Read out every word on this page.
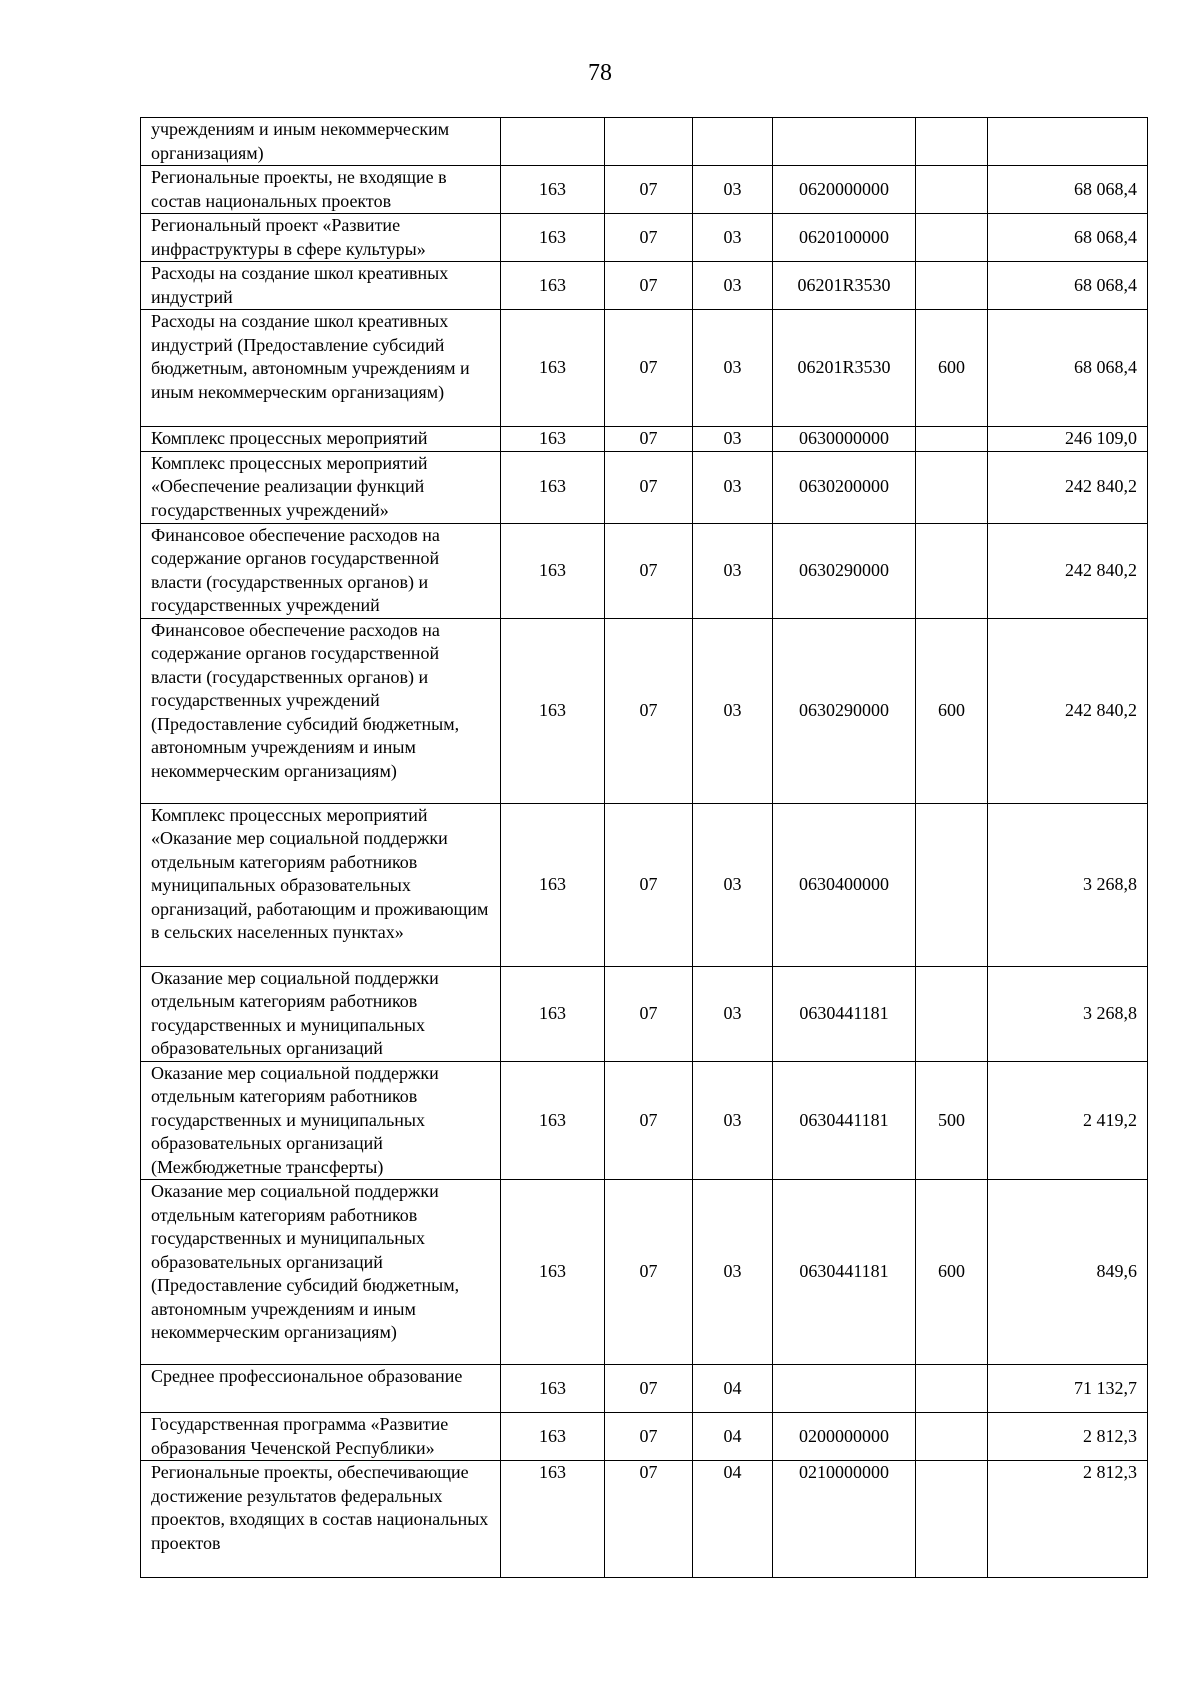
78
учреждениям и иным некоммерческим организациям)						
Региональные проекты, не входящие в состав национальных проектов	163	07	03	0620000000		68 068,4
Региональный проект «Развитие инфраструктуры в сфере культуры»	163	07	03	0620100000		68 068,4
Расходы на создание школ креативных индустрий	163	07	03	06201R3530		68 068,4
Расходы на создание школ креативных индустрий (Предоставление субсидий бюджетным, автономным учреждениям и иным некоммерческим организациям)	163	07	03	06201R3530	600	68 068,4
Комплекс процессных мероприятий	163	07	03	0630000000		246 109,0
Комплекс процессных мероприятий «Обеспечение реализации функций государственных учреждений»	163	07	03	0630200000		242 840,2
Финансовое обеспечение расходов на содержание органов государственной власти (государственных органов) и государственных учреждений	163	07	03	0630290000		242 840,2
Финансовое обеспечение расходов на содержание органов государственной власти (государственных органов) и государственных учреждений (Предоставление субсидий бюджетным, автономным учреждениям и иным некоммерческим организациям)	163	07	03	0630290000	600	242 840,2
Комплекс процессных мероприятий «Оказание мер социальной поддержки отдельным категориям работников муниципальных образовательных организаций, работающим и проживающим в сельских населенных пунктах»	163	07	03	0630400000		3 268,8
Оказание мер социальной поддержки отдельным категориям работников государственных и муниципальных образовательных организаций	163	07	03	0630441181		3 268,8
Оказание мер социальной поддержки отдельным категориям работников государственных и муниципальных образовательных организаций (Межбюджетные трансферты)	163	07	03	0630441181	500	2 419,2
Оказание мер социальной поддержки отдельным категориям работников государственных и муниципальных образовательных организаций (Предоставление субсидий бюджетным, автономным учреждениям и иным некоммерческим организациям)	163	07	03	0630441181	600	849,6
Среднее профессиональное образование	163	07	04			71 132,7
Государственная программа «Развитие образования Чеченской Республики»	163	07	04	0200000000		2 812,3
Региональные проекты, обеспечивающие достижение результатов федеральных проектов, входящих в состав национальных проектов	163	07	04	0210000000		2 812,3
